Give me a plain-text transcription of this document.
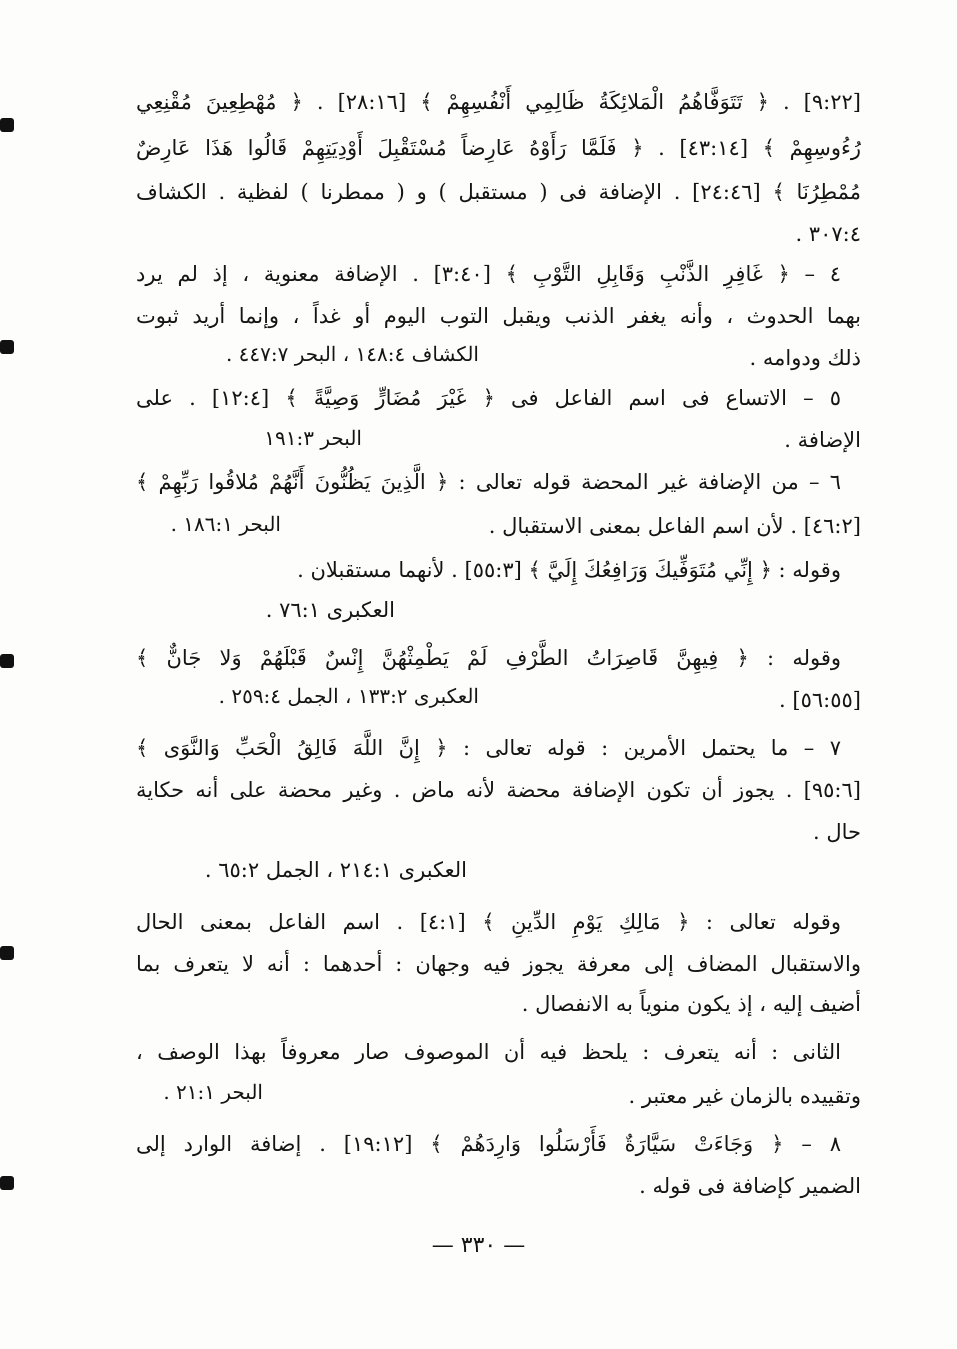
[٩:٢٢] . ﴿ تَتَوَفَّاهُمُ الْمَلائِكَةُ ظَالِمِي أَنْفُسِهِمْ ﴾ [٢٨:١٦] . ﴿ مُهْطِعِينَ مُقْنِعِي
رُءُوسِهِمْ ﴾ [٤٣:١٤] . ﴿ فَلَمَّا رَأَوْهُ عَارِضاً مُسْتَقْبِلَ أَوْدِيَتِهِمْ قَالُوا هَذَا عَارِضٌ
مُمْطِرُنَا ﴾ [٢٤:٤٦] . الإضافة فى ( مستقبل ) و ( ممطرنا ) لفظية . الكشاف
٣٠٧:٤ .
٤ – ﴿ غَافِرِ الذَّنْبِ وَقَابِلِ التَّوْبِ ﴾ [٣:٤٠] . الإضافة معنوية ، إذ لم يرد
بهما الحدوث ، وأنه يغفر الذنب ويقبل التوب اليوم أو غداً ، وإنما أريد ثبوت
ذلك ودوامه .
الكشاف ١٤٨:٤ ، البحر ٤٤٧:٧ .
٥ – الاتساع فى اسم الفاعل فى ﴿ غَيْرَ مُضَارٍّ وَصِيَّةً ﴾ [١٢:٤] . على
الإضافة .
البحر ١٩١:٣
٦ – من الإضافة غير المحضة قوله تعالى : ﴿ الَّذِينَ يَظُنُّونَ أَنَّهُمْ مُلاقُوا رَبِّهِمْ ﴾
[٤٦:٢] . لأن اسم الفاعل بمعنى الاستقبال .
البحر ١٨٦:١ .
وقوله : ﴿ إِنِّي مُتَوَفِّيكَ وَرَافِعُكَ إِلَيَّ ﴾ [٥٥:٣] . لأنهما مستقبلان .
العكبرى ٧٦:١ .
وقوله : ﴿ فِيهِنَّ قَاصِرَاتُ الطَّرْفِ لَمْ يَطْمِثْهُنَّ إِنْسٌ قَبْلَهُمْ وَلا جَانٌّ ﴾
[٥٦:٥٥] .
العكبرى ١٣٣:٢ ، الجمل ٢٥٩:٤ .
٧ – ما يحتمل الأمرين : قوله تعالى : ﴿ إِنَّ اللَّهَ فَالِقُ الْحَبِّ وَالنَّوَى ﴾
[٩٥:٦] . يجوز أن تكون الإضافة محضة لأنه ماض . وغير محضة على أنه حكاية
حال .
العكبرى ٢١٤:١ ، الجمل ٦٥:٢ .
وقوله تعالى : ﴿ مَالِكِ يَوْمِ الدِّينِ ﴾ [٤:١] . اسم الفاعل بمعنى الحال
والاستقبال المضاف إلى معرفة يجوز فيه وجهان : أحدهما : أنه لا يتعرف بما
أضيف إليه ، إذ يكون منوياً به الانفصال .
الثانى : أنه يتعرف : يلحظ فيه أن الموصوف صار معروفاً بهذا الوصف ،
وتقييده بالزمان غير معتبر .
البحر ٢١:١ .
٨ – ﴿ وَجَاءَتْ سَيَّارَةٌ فَأَرْسَلُوا وَارِدَهُمْ ﴾ [١٩:١٢] . إضافة الوارد إلى
الضمير كإضافة فى قوله .
— ٣٣٠ —
